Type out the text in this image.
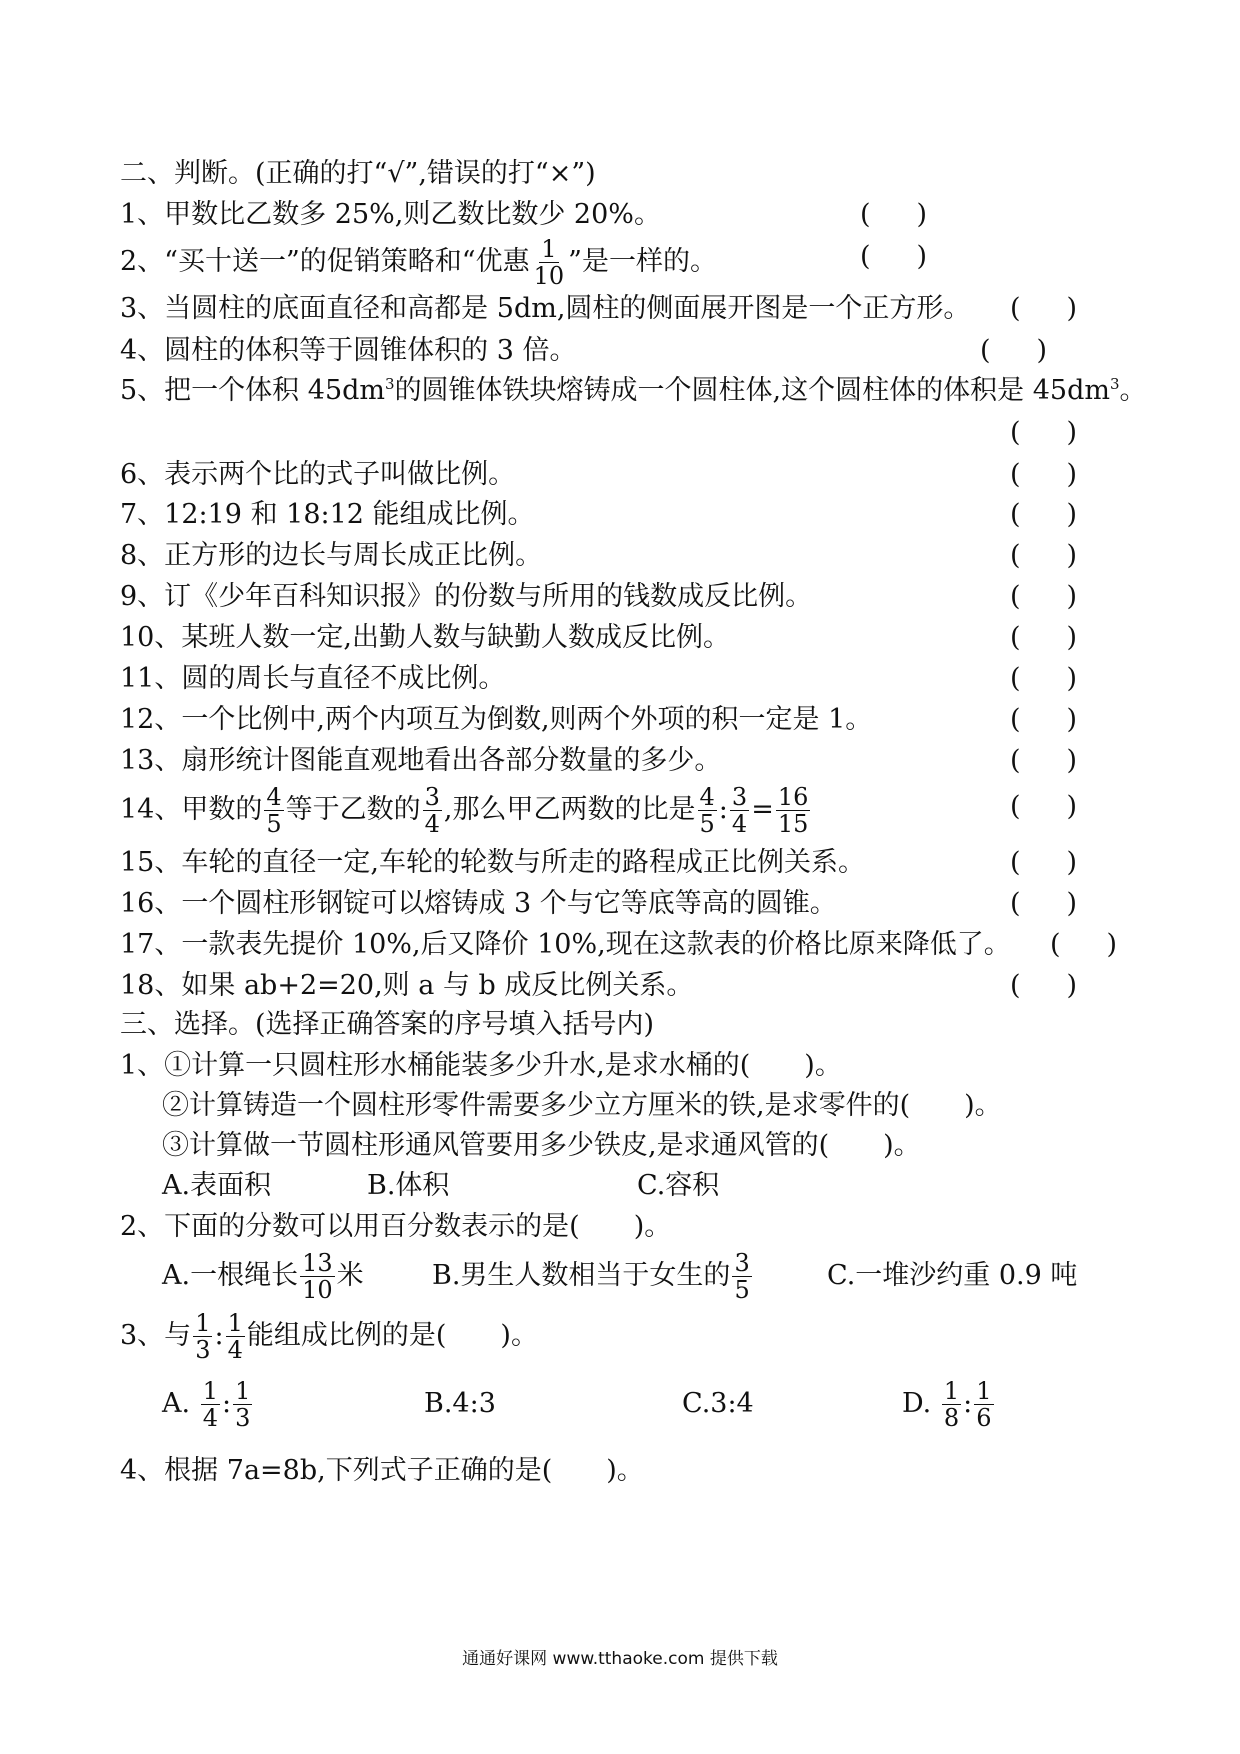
二、判断。(正确的打“√”,错误的打“×”)
1、甲数比乙数多 25%,则乙数比数少 20%。	( )
2、“买十送一”的促销策略和“优惠 $\frac{1}{10}$ ”是一样的。	( )
3、当圆柱的底面直径和高都是 5dm,圆柱的侧面展开图是一个正方形。 ( )
4、圆柱的体积等于圆锥体积的 3 倍。	( )
5、把一个体积 $45dm^3$的圆锥体铁块熔铸成一个圆柱体,这个圆柱体的体积是 $45dm^3$。
( )
6、表示两个比的式子叫做比例。	( )
7、12:19 和 18:12 能组成比例。	( )
8、正方形的边长与周长成正比例。	( )
9、订《少年百科知识报》的份数与所用的钱数成反比例。	( )
10、某班人数一定,出勤人数与缺勤人数成反比例。	( )
11、圆的周长与直径不成比例。	( )
12、一个比例中,两个内项互为倒数,则两个外项的积一定是 1。	( )
13、扇形统计图能直观地看出各部分数量的多少。	( )
14、甲数的 $\frac{4}{5}$ 等于乙数的 $\frac{3}{4}$ ,那么甲乙两数的比是 $\frac{4}{5}$ : $\frac{3}{4} = \frac{16}{15}$	( )
15、车轮的直径一定,车轮的轮数与所走的路程成正比例关系。	( )
16、一个圆柱形钢锭可以熔铸成 3 个与它等底等高的圆锥。	( )
17、一款表先提价 10%,后又降价 10%,现在这款表的价格比原来降低了。 ( )
18、如果 ab+2=20,则 a 与 b 成反比例关系。	( )
三、选择。(选择正确答案的序号填入括号内)
1、①计算一只圆柱形水桶能装多少升水,是求水桶的( )。
②计算铸造一个圆柱形零件需要多少立方厘米的铁,是求零件的( )。
③计算做一节圆柱形通风管要用多少铁皮,是求通风管的( )。
A.表面积	B.体积	C.容积
2、下面的分数可以用百分数表示的是( )。
A.一根绳长 $\frac{13}{10}$ 米	B.男生人数相当于女生的 $\frac{3}{5}$	C.一堆沙约重 0.9 吨
3、与 $\frac{1}{3}$ : $\frac{1}{4}$ 能组成比例的是( )。
A. $\frac{1}{4}$ : $\frac{1}{3}$	B.4:3	C.3:4	D. $\frac{1}{8}$ : $\frac{1}{6}$
4、根据 7a=8b,下列式子正确的是( )。
通通好课网 www.tthaoke.com 提供下载
